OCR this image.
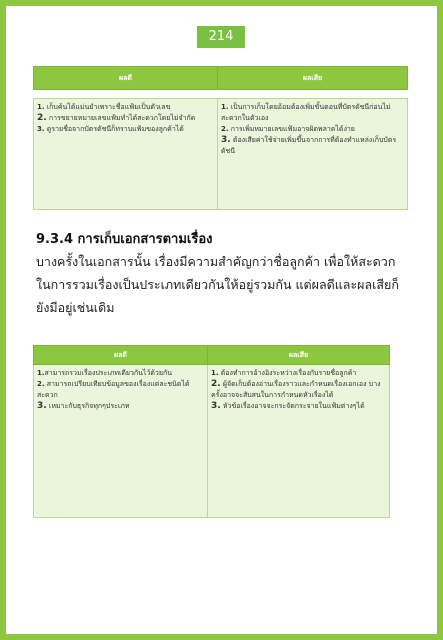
214
ผลดี	ผลเสีย

1. เก็บค้นได้แม่นยำเพราะชื่อแฟ้มเป็นตัวเลข
2. การขยายหมายเลขแฟ้มทำได้สะดวกโดยไม่จำกัด
3. ดูรายชื่อจากบัตรดัชนีก็ทราบแฟ้มของลูกค้าได้	1. เป็นการเก็บโดยอ้อมต้องเพิ่มขั้นตอนที่บัตรดัชนีก่อนไม่สะดวกในตัวเอง
2. การเพิ่มหมายเลขแฟ้มอาจผิดพลาดได้ง่าย
3. ต้องเสียค่าใช้จ่ายเพิ่มขึ้นจากการที่ต้องทำแหล่งเก็บบัตรดัชนี
9.3.4 การเก็บเอกสารตามเรื่อง
บางครั้งในเอกสารนั้น เรื่องมีความสำคัญกว่าชื่อลูกค้า เพื่อให้สะดวกในการรวมเรื่องเป็นประเภทเดียวกันให้อยู่รวมกัน แต่ผลดีและผลเสียก็ยังมีอยู่เช่นเดิม
ผลดี	ผลเสีย

1.สามารถรวมเรื่องประเภทเดียวกันไว้ด้วยกัน
2. สามารถเปรียบเทียบข้อมูลของเรื่องแต่ละชนิดได้สะดวก
3. เหมาะกับธุรกิจทุกๆประเภท	1. ต้องทำการอ้างอิงระหว่างเรื่องกับรายชื่อลูกค้า
2. ผู้จัดเก็บต้องอ่านเรื่องราวและกำหนดเรื่องเอกเอง บางครั้งอาจจะสับสนในการกำหนดหัวเรื่องได้
3. หัวข้อเรื่องอาจจะกระจัดกระจายในแฟ้มต่างๆได้
